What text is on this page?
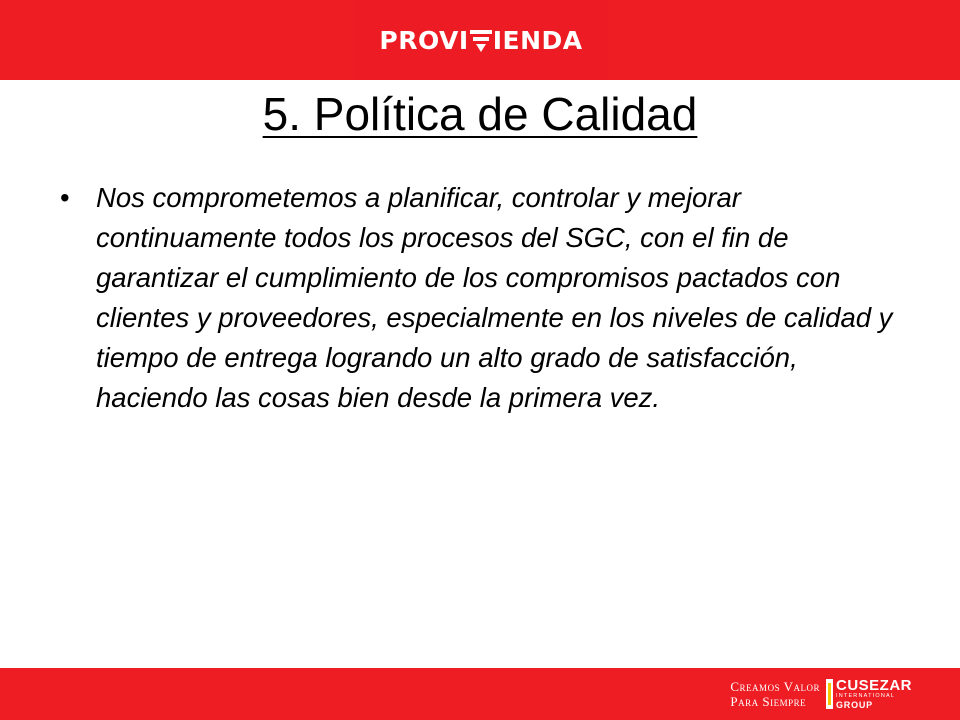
PROVI IENDA
5. Política de Calidad
• Nos comprometemos a planificar, controlar y mejorar continuamente todos los procesos del SGC, con el fin de garantizar el cumplimiento de los compromisos pactados con clientes y proveedores, especialmente en los niveles de calidad y tiempo de entrega logrando un alto grado de satisfacción, haciendo las cosas bien desde la primera vez.
Creamos Valor
Para Siempre
CUSEZAR
INTERNATIONAL
GROUP
